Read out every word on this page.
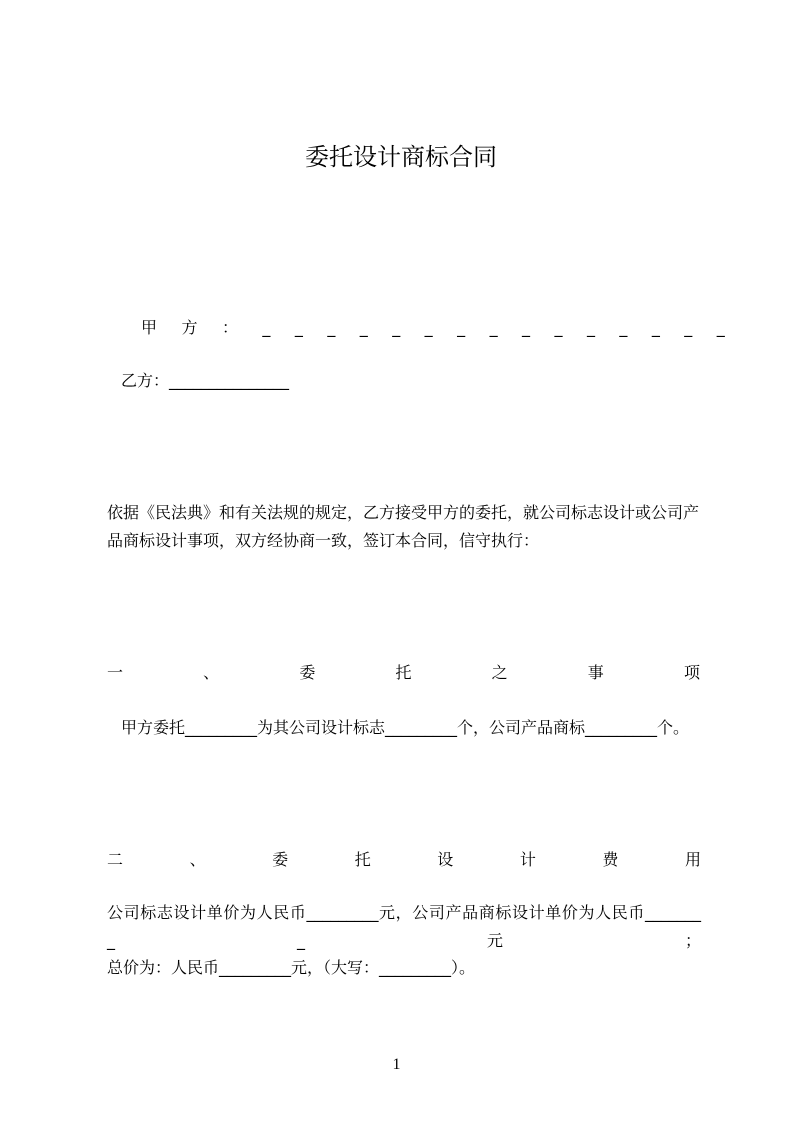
委托设计商标合同
甲 方 ： _ _ _ _ _ _ _ _ _ _ _ _ _ _ _
乙方：_______________
依据《民法典》和有关法规的规定，乙方接受甲方的委托，就公司标志设计或公司产
品商标设计事项，双方经协商一致，签订本合同，信守执行：
一	、	委	托	之	事	项
甲方委托_________为其公司设计标志_________个，公司产品商标_________个。
二	、	委	托	设	计	费	用
公司标志设计单价为人民币_________元，公司产品商标设计单价为人民币_______
_	_	元	；
总价为：人民币_________元，（大写：_________）。
1
